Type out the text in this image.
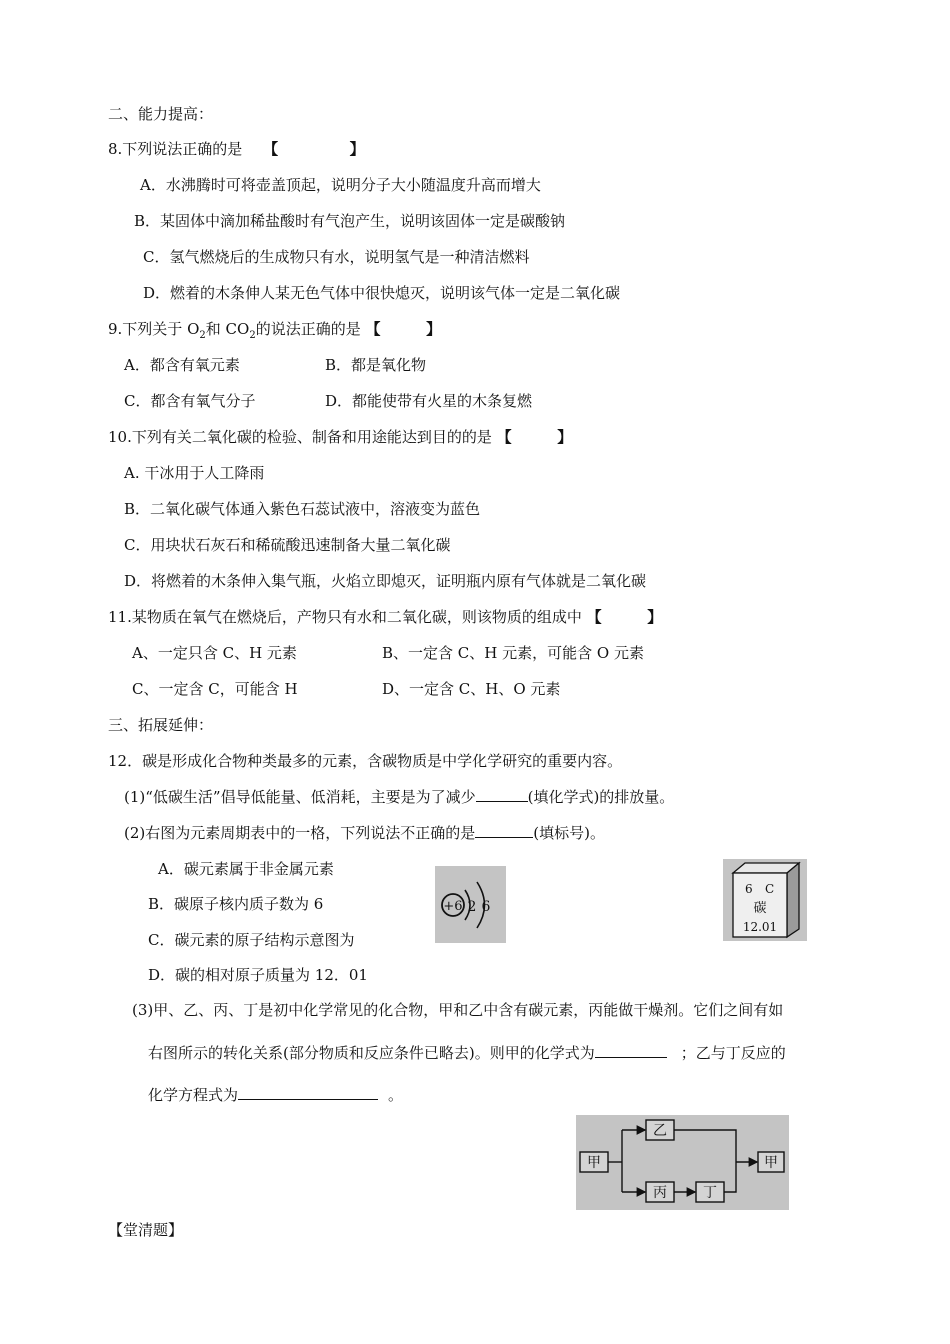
二、能力提高：
8.下列说法正确的是 【	】
A．水沸腾时可将壶盖顶起，说明分子大小随温度升高而增大
B．某固体中滴加稀盐酸时有气泡产生，说明该固体一定是碳酸钠
C．氢气燃烧后的生成物只有水，说明氢气是一种清洁燃料
D．燃着的木条伸人某无色气体中很快熄灭，说明该气体一定是二氧化碳
9.下列关于 $O_2$和 $CO_2$的说法正确的是 【	】
A．都含有氧元素	B．都是氧化物
C．都含有氧气分子	D．都能使带有火星的木条复燃
10.下列有关二氧化碳的检验、制备和用途能达到目的的是 【	】
A. 干冰用于人工降雨
B．二氧化碳气体通入紫色石蕊试液中，溶液变为蓝色
C．用块状石灰石和稀硫酸迅速制备大量二氧化碳
D．将燃着的木条伸入集气瓶，火焰立即熄灭，证明瓶内原有气体就是二氧化碳
11.某物质在氧气在燃烧后，产物只有水和二氧化碳，则该物质的组成中 【	】
A、一定只含 C、H 元素	B、一定含 C、H 元素，可能含 O 元素
C、一定含 C，可能含 H	D、一定含 C、H、O 元素
三、拓展延伸：
12．碳是形成化合物种类最多的元素，含碳物质是中学化学研究的重要内容。
(1)“低碳生活”倡导低能量、低消耗，主要是为了减少	(填化学式)的排放量。
(2)右图为元素周期表中的一格，下列说法不正确的是	(填标号)。
A．碳元素属于非金属元素
B．碳原子核内质子数为 6
C．碳元素的原子结构示意图为
D．碳的相对原子质量为 12．01
+6 2 6
6 C
碳
12.01
(3)甲、乙、丙、丁是初中化学常见的化合物，甲和乙中含有碳元素，丙能做干燥剂。它们之间有如
右图所示的转化关系(部分物质和反应条件已略去)。则甲的化学式为	；乙与丁反应的
化学方程式为	。
甲
乙
丙	丁
甲
【堂清题】
